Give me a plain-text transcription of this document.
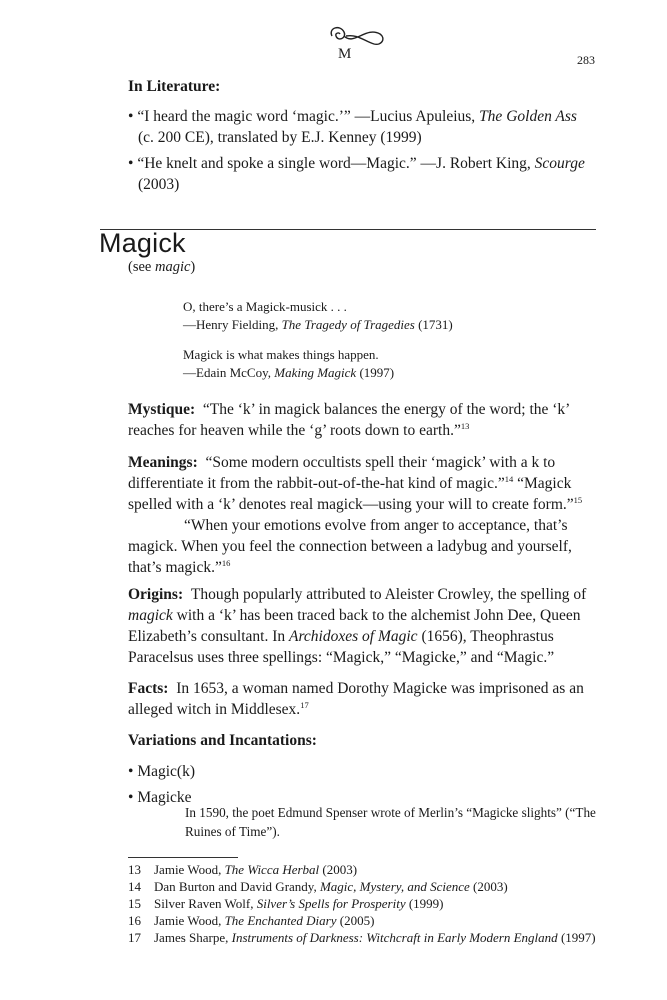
M	283
In Literature:
• “I heard the magic word ‘magic.’” —Lucius Apuleius, The Golden Ass (c. 200 CE), translated by E.J. Kenney (1999)
• “He knelt and spoke a single word—Magic.” —J. Robert King, Scourge (2003)
Magick
(see magic)
O, there’s a Magick-musick . . .
—Henry Fielding, The Tragedy of Tragedies (1731)
Magick is what makes things happen.
—Edain McCoy, Making Magick (1997)
Mystique: “The ‘k’ in magick balances the energy of the word; the ‘k’ reaches for heaven while the ‘g’ roots down to earth.”$^{13}$
Meanings: “Some modern occultists spell their ‘magick’ with a k to differentiate it from the rabbit-out-of-the-hat kind of magic.”$^{14}$ “Magick spelled with a ‘k’ denotes real magick—using your will to create form.”$^{15}$
“When your emotions evolve from anger to acceptance, that’s magick. When you feel the connection between a ladybug and yourself, that’s magick.”$^{16}$
Origins: Though popularly attributed to Aleister Crowley, the spelling of magick with a ‘k’ has been traced back to the alchemist John Dee, Queen Elizabeth’s consultant. In Archidoxes of Magic (1656), Theophrastus Paracelsus uses three spellings: “Magick,” “Magicke,” and “Magic.”
Facts: In 1653, a woman named Dorothy Magicke was imprisoned as an alleged witch in Middlesex.$^{17}$
Variations and Incantations:
• Magic(k)
• Magicke
In 1590, the poet Edmund Spenser wrote of Merlin’s “Magicke slights” (“The Ruines of Time”).
13 Jamie Wood, The Wicca Herbal (2003)
14 Dan Burton and David Grandy, Magic, Mystery, and Science (2003)
15 Silver Raven Wolf, Silver’s Spells for Prosperity (1999)
16 Jamie Wood, The Enchanted Diary (2005)
17 James Sharpe, Instruments of Darkness: Witchcraft in Early Modern England (1997)
